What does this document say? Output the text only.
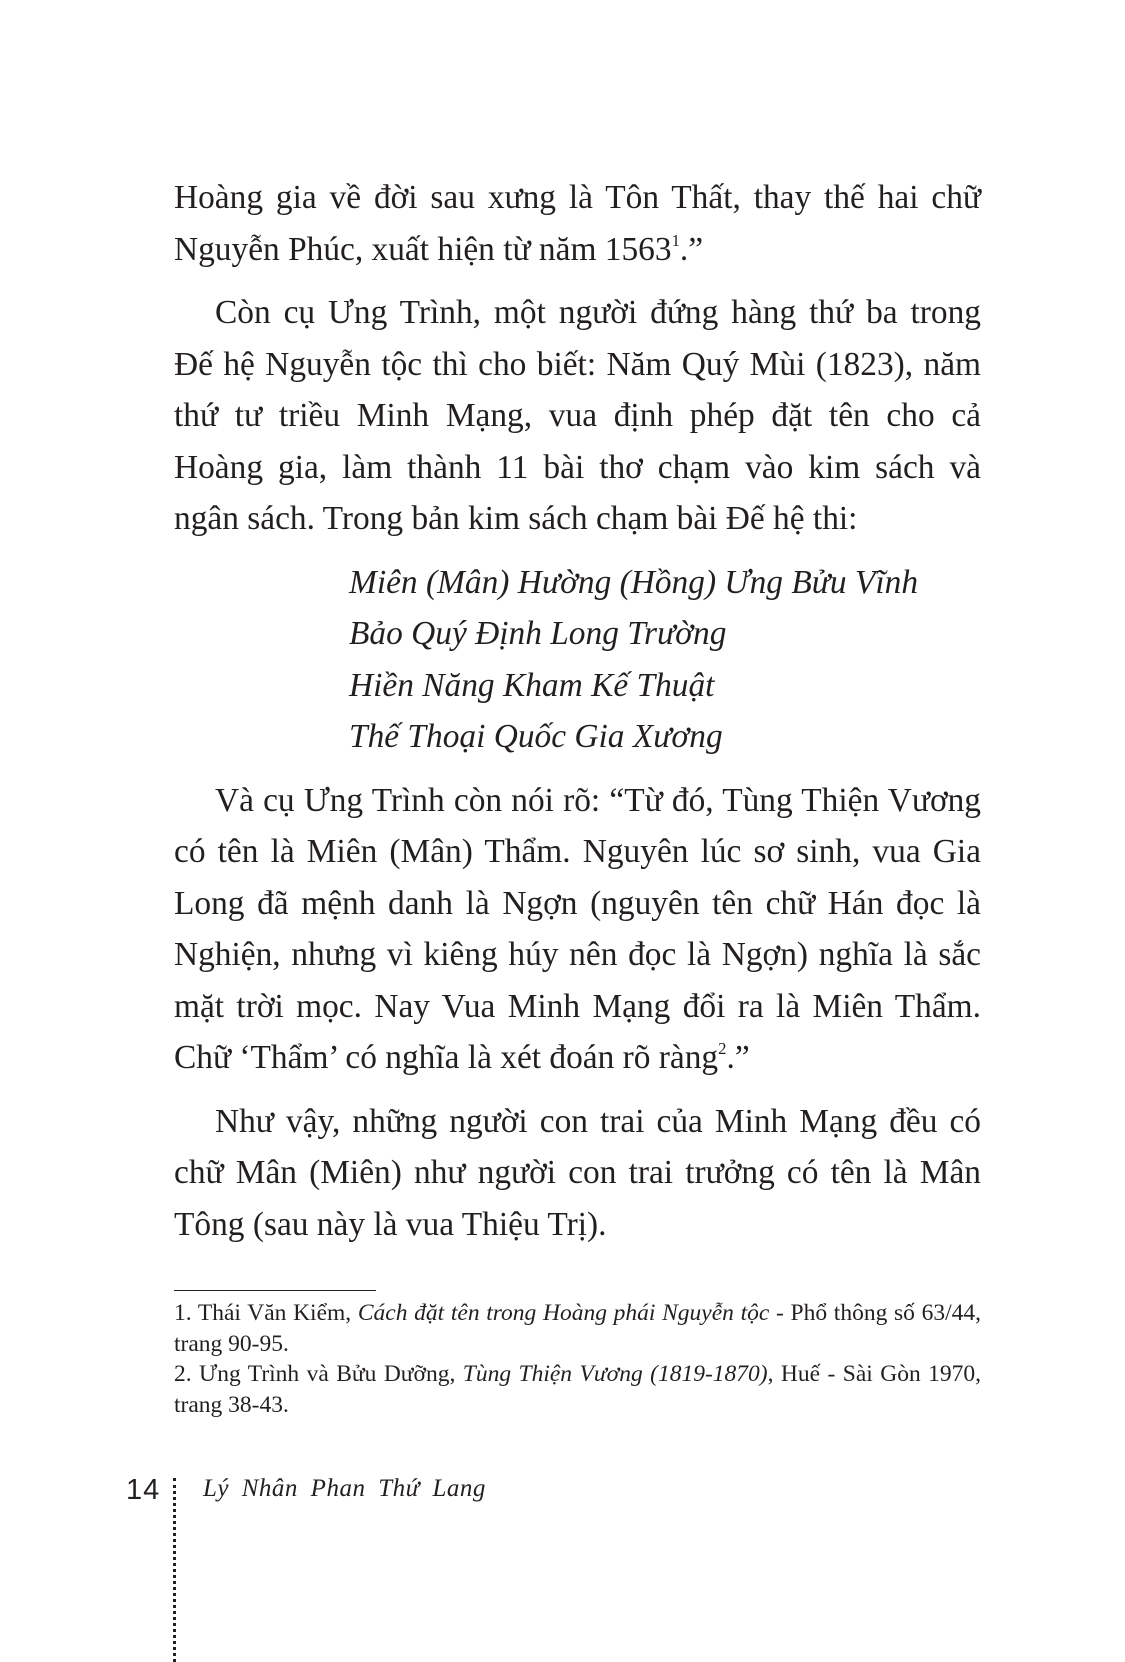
Hoàng gia về đời sau xưng là Tôn Thất, thay thế hai chữ Nguyễn Phúc, xuất hiện từ năm 1563$^1$.”

Còn cụ Ưng Trình, một người đứng hàng thứ ba trong Đế hệ Nguyễn tộc thì cho biết: Năm Quý Mùi (1823), năm thứ tư triều Minh Mạng, vua định phép đặt tên cho cả Hoàng gia, làm thành 11 bài thơ chạm vào kim sách và ngân sách. Trong bản kim sách chạm bài Đế hệ thi:

Miên (Mân) Hường (Hồng) Ưng Bửu Vĩnh
Bảo Quý Định Long Trường
Hiền Năng Kham Kế Thuật
Thế Thoại Quốc Gia Xương

Và cụ Ưng Trình còn nói rõ: “Từ đó, Tùng Thiện Vương có tên là Miên (Mân) Thẩm. Nguyên lúc sơ sinh, vua Gia Long đã mệnh danh là Ngợn (nguyên tên chữ Hán đọc là Nghiện, nhưng vì kiêng húy nên đọc là Ngợn) nghĩa là sắc mặt trời mọc. Nay Vua Minh Mạng đổi ra là Miên Thẩm. Chữ ‘Thẩm’ có nghĩa là xét đoán rõ ràng$^2$.”

Như vậy, những người con trai của Minh Mạng đều có chữ Mân (Miên) như người con trai trưởng có tên là Mân Tông (sau này là vua Thiệu Trị).

1. Thái Văn Kiểm, Cách đặt tên trong Hoàng phái Nguyễn tộc - Phổ thông số 63/44, trang 90-95.

2. Ưng Trình và Bửu Dưỡng, Tùng Thiện Vương (1819-1870), Huế - Sài Gòn 1970, trang 38-43.

14 Lý Nhân Phan Thứ Lang
